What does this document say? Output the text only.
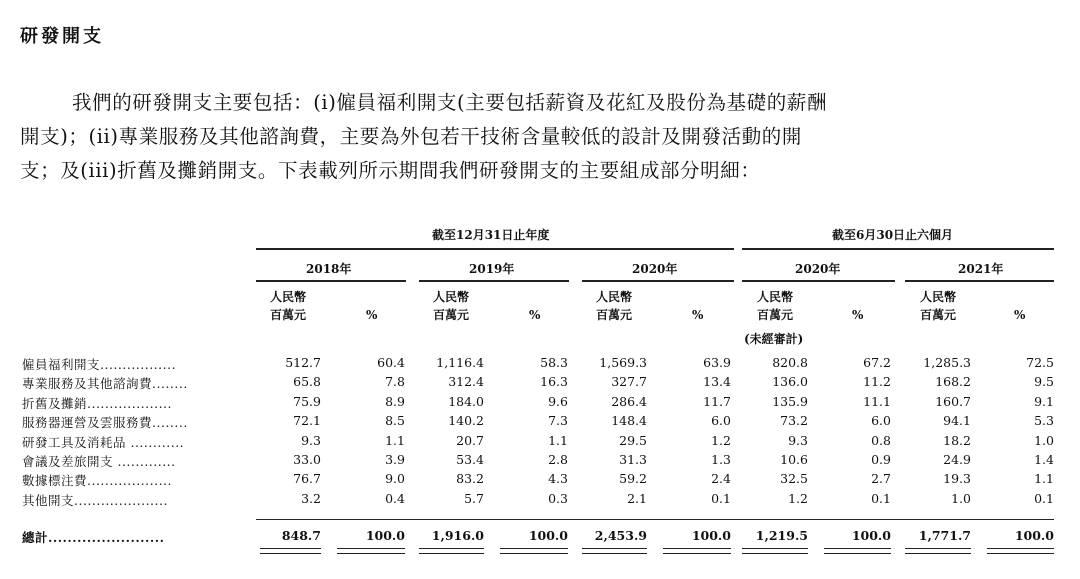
研發開支
我們的研發開支主要包括：(i)僱員福利開支(主要包括薪資及花紅及股份為基礎的薪酬
開支)；(ii)專業服務及其他諮詢費，主要為外包若干技術含量較低的設計及開發活動的開
支；及(iii)折舊及攤銷開支。下表載列所示期間我們研發開支的主要組成部分明細：
截至12月31日止年度	截至6月30日止六個月
2018年	2019年	2020年	2020年	2021年
人民幣
百萬元	%
人民幣
百萬元	%
人民幣
百萬元	%
人民幣
百萬元	%
人民幣
百萬元	%
(未經審計)
僱員福利開支.................	512.7	60.4	1,116.4	58.3	1,569.3	63.9	820.8	67.2	1,285.3	72.5
專業服務及其他諮詢費........	65.8	7.8	312.4	16.3	327.7	13.4	136.0	11.2	168.2	9.5
折舊及攤銷...................	75.9	8.9	184.0	9.6	286.4	11.7	135.9	11.1	160.7	9.1
服務器運營及雲服務費........	72.1	8.5	140.2	7.3	148.4	6.0	73.2	6.0	94.1	5.3
研發工具及消耗品 ............	9.3	1.1	20.7	1.1	29.5	1.2	9.3	0.8	18.2	1.0
會議及差旅開支 .............	33.0	3.9	53.4	2.8	31.3	1.3	10.6	0.9	24.9	1.4
數據標注費...................	76.7	9.0	83.2	4.3	59.2	2.4	32.5	2.7	19.3	1.1
其他開支.....................	3.2	0.4	5.7	0.3	2.1	0.1	1.2	0.1	1.0	0.1
總計........................	848.7	100.0	1,916.0	100.0	2,453.9	100.0	1,219.5	100.0	1,771.7	100.0
